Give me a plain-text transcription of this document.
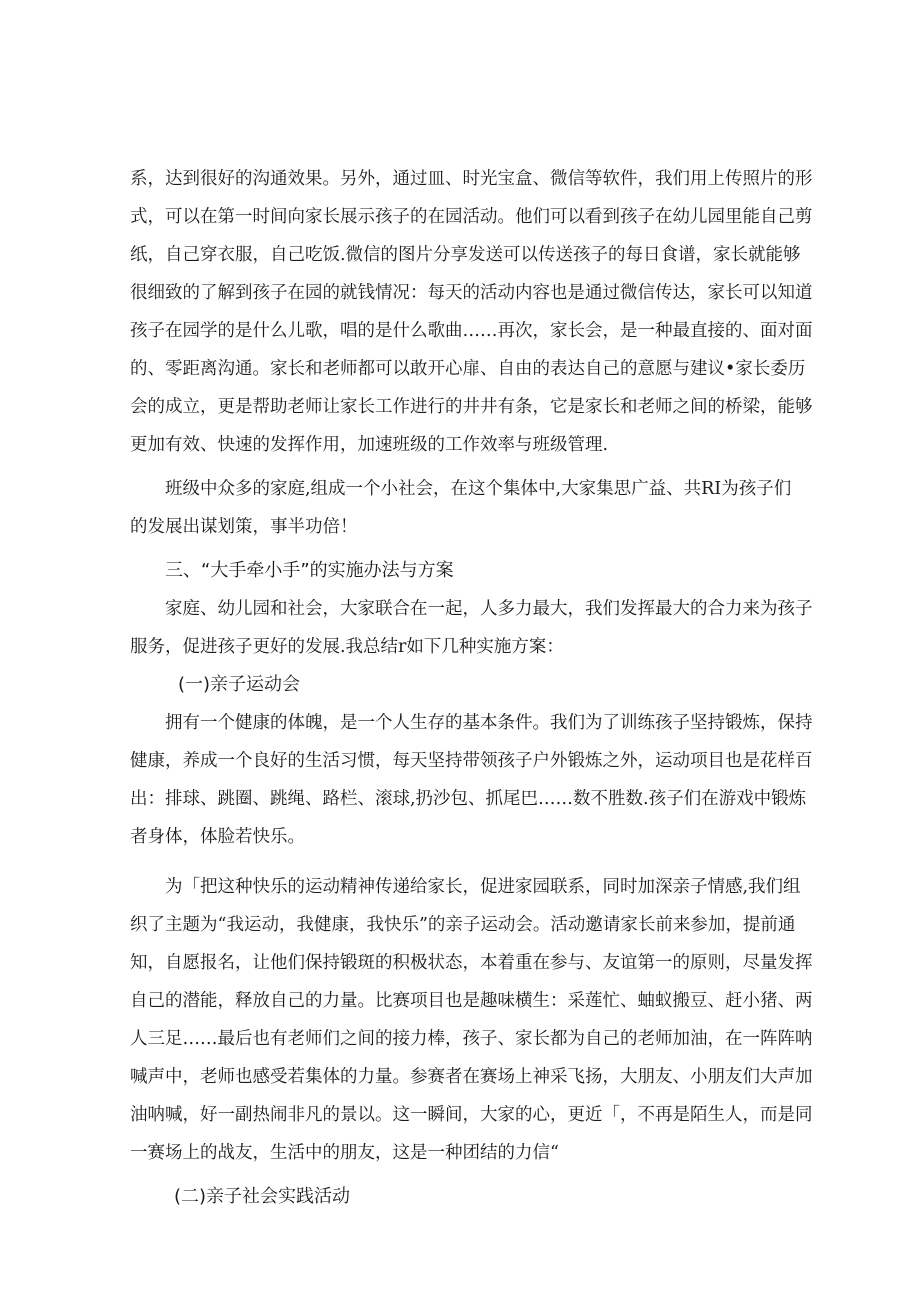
系，达到很好的沟通效果。另外，通过皿、时光宝盒、微信等软件，我们用上传照片的形
式，可以在第一时间向家长展示孩子的在园活动。他们可以看到孩子在幼儿园里能自己剪
纸，自己穿衣服，自己吃饭.微信的图片分享发送可以传送孩子的每日食谱，家长就能够
很细致的了解到孩子在园的就钱情况：每天的活动内容也是通过微信传达，家长可以知道
孩子在园学的是什么儿歌，唱的是什么歌曲……再次，家长会，是一种最直接的、面对面
的、零距离沟通。家长和老师都可以敢开心扉、自由的表达自己的意愿与建议•家长委历
会的成立，更是帮助老师让家长工作进行的井井有条，它是家长和老师之间的桥梁，能够
更加有效、快速的发挥作用，加速班级的工作效率与班级管理.
班级中众多的家庭,组成一个小社会，在这个集体中,大家集思广益、共RI为孩子们
的发展出谋划策，事半功倍！
三、“大手牵小手”的实施办法与方案
家庭、幼儿园和社会，大家联合在一起，人多力最大，我们发挥最大的合力来为孩子
服务，促进孩子更好的发展.我总结r如下几种实施方案：
(一)亲子运动会
拥有一个健康的体魄，是一个人生存的基本条件。我们为了训练孩子坚持锻炼，保持
健康，养成一个良好的生活习惯，每天坚持带领孩子户外锻炼之外，运动项目也是花样百
出：排球、跳圈、跳绳、路栏、滚球,扔沙包、抓尾巴……数不胜数.孩子们在游戏中锻炼
者身体，体脸若快乐。
为「把这种快乐的运动精神传递给家长，促进家园联系，同时加深亲子情感,我们组
织了主题为“我运动，我健康，我快乐”的亲子运动会。活动邀请家长前来参加，提前通
知，自愿报名，让他们保持锻斑的积极状态，本着重在参与、友谊第一的原则，尽量发挥
自己的潜能，释放自己的力量。比赛项目也是趣味横生：采莲忙、蚰蚁搬豆、赶小猪、两
人三足……最后也有老师们之间的接力棒，孩子、家长都为自己的老师加油，在一阵阵呐
喊声中，老师也感受若集体的力量。参赛者在赛场上神采飞扬，大朋友、小朋友们大声加
油呐喊，好一副热闹非凡的景以。这一瞬间，大家的心，更近「，不再是陌生人，而是同
一赛场上的战友，生活中的朋友，这是一种团结的力信“
(二)亲子社会实践活动
